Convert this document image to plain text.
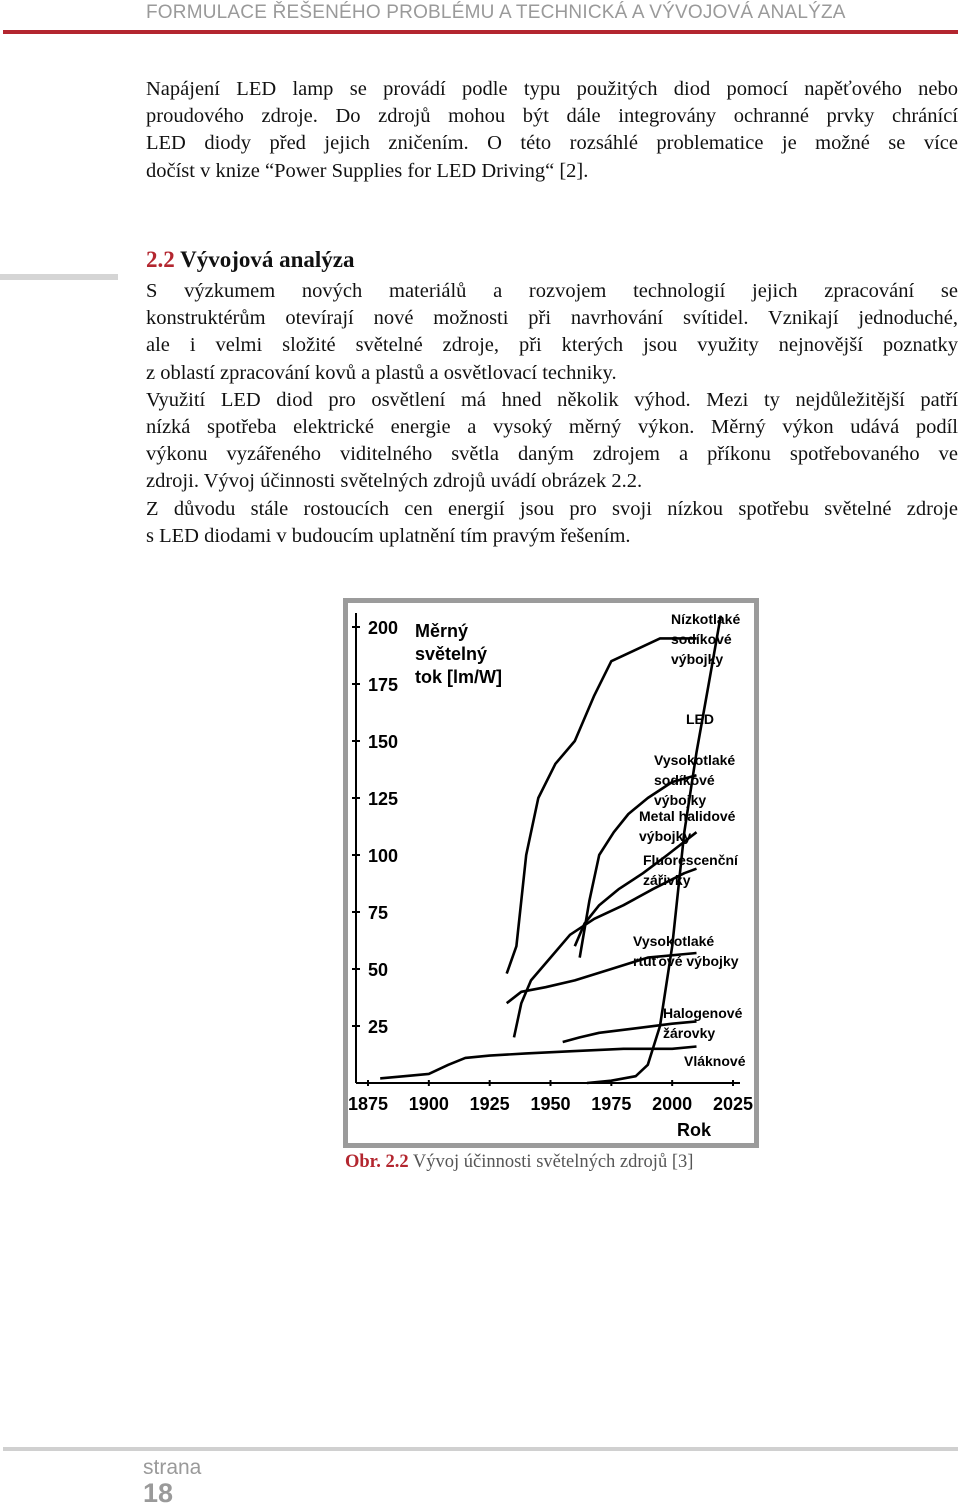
FORMULACE ŘEŠENÉHO PROBLÉMU A TECHNICKÁ A VÝVOJOVÁ ANALÝZA
Napájení LED lamp se provádí podle typu použitých diod pomocí napěťového nebo
proudového zdroje. Do zdrojů mohou být dále integrovány ochranné prvky chránící
LED diody před jejich zničením. O této rozsáhlé problematice je možné se více
dočíst v knize “Power Supplies for LED Driving“ [2].
2.2 Vývojová analýza
S výzkumem nových materiálů a rozvojem technologií jejich zpracování se
konstruktérům otevírají nové možnosti při navrhování svítidel. Vznikají jednoduché,
ale i velmi složité světelné zdroje, při kterých jsou využity nejnovější poznatky
z oblastí zpracování kovů a plastů a osvětlovací techniky.
Využití LED diod pro osvětlení má hned několik výhod. Mezi ty nejdůležitější patří
nízká spotřeba elektrické energie a vysoký měrný výkon. Měrný výkon udává podíl
výkonu vyzářeného viditelného světla daným zdrojem a příkonu spotřebovaného ve
zdroji. Vývoj účinnosti světelných zdrojů uvádí obrázek 2.2.
Z důvodu stále rostoucích cen energií jsou pro svoji nízkou spotřebu světelné zdroje
s LED diodami v budoucím uplatnění tím pravým řešením.
25
50
75
100
125
150
175
200
1875 1900 1925 1950 1975 2000 2025
Rok
Měrný
světelný
tok [lm/W]
Nízkotlaké
sodíkové
výbojky
LED
Vysokotlaké
sodíkové
výbojky
Metal halidové
výbojky
Fluorescenční
zářivky
Vysokotlaké
rtuťové výbojky
Halogenové
žárovky
Vláknové
Obr. 2.2 Vývoj účinnosti světelných zdrojů [3]
strana
18
